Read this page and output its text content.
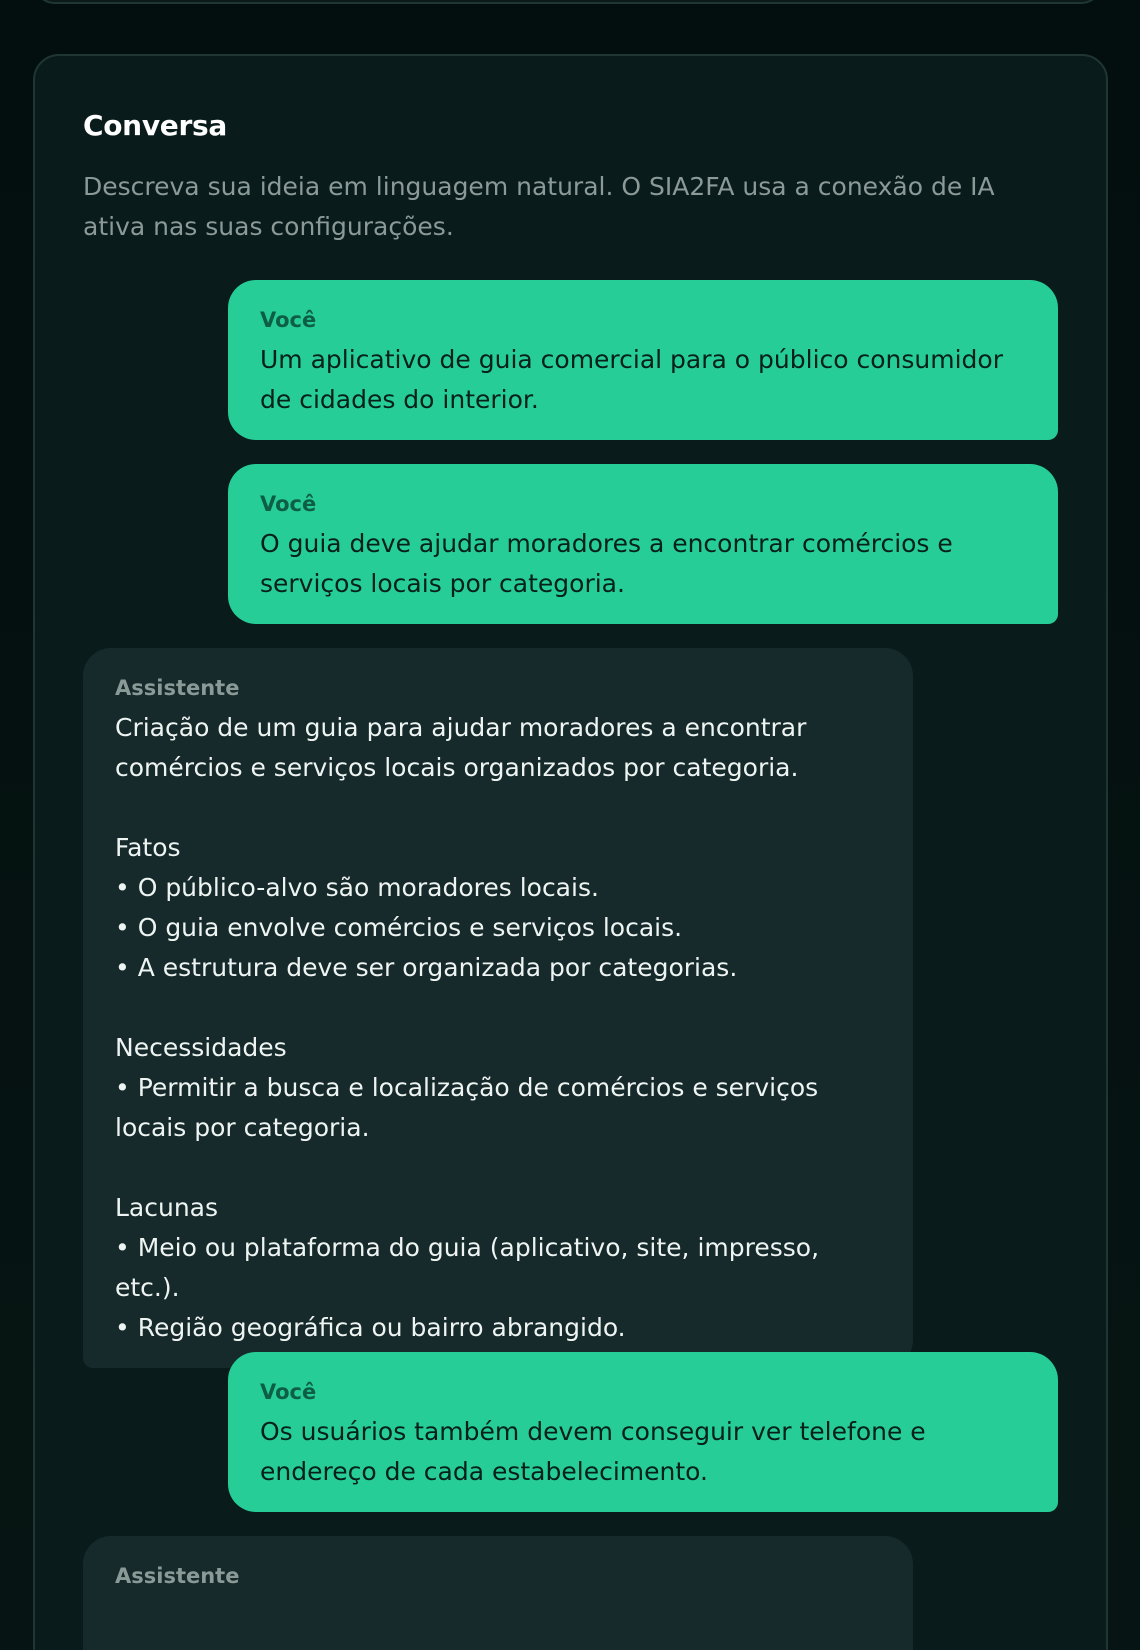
Conversa

Descreva sua ideia em linguagem natural. O SIA2FA usa a conexão de IA ativa nas suas configurações.

Você
Um aplicativo de guia comercial para o público consumidor de cidades do interior.
Você
O guia deve ajudar moradores a encontrar comércios e serviços locais por categoria.
Assistente
Criação de um guia para ajudar moradores a encontrar comércios e serviços locais organizados por categoria.

Fatos
• O público-alvo são moradores locais.
• O guia envolve comércios e serviços locais.
• A estrutura deve ser organizada por categorias.

Necessidades
• Permitir a busca e localização de comércios e serviços locais por categoria.

Lacunas
• Meio ou plataforma do guia (aplicativo, site, impresso, etc.).
• Região geográfica ou bairro abrangido.
Você
Os usuários também devem conseguir ver telefone e endereço de cada estabelecimento.
Assistente
